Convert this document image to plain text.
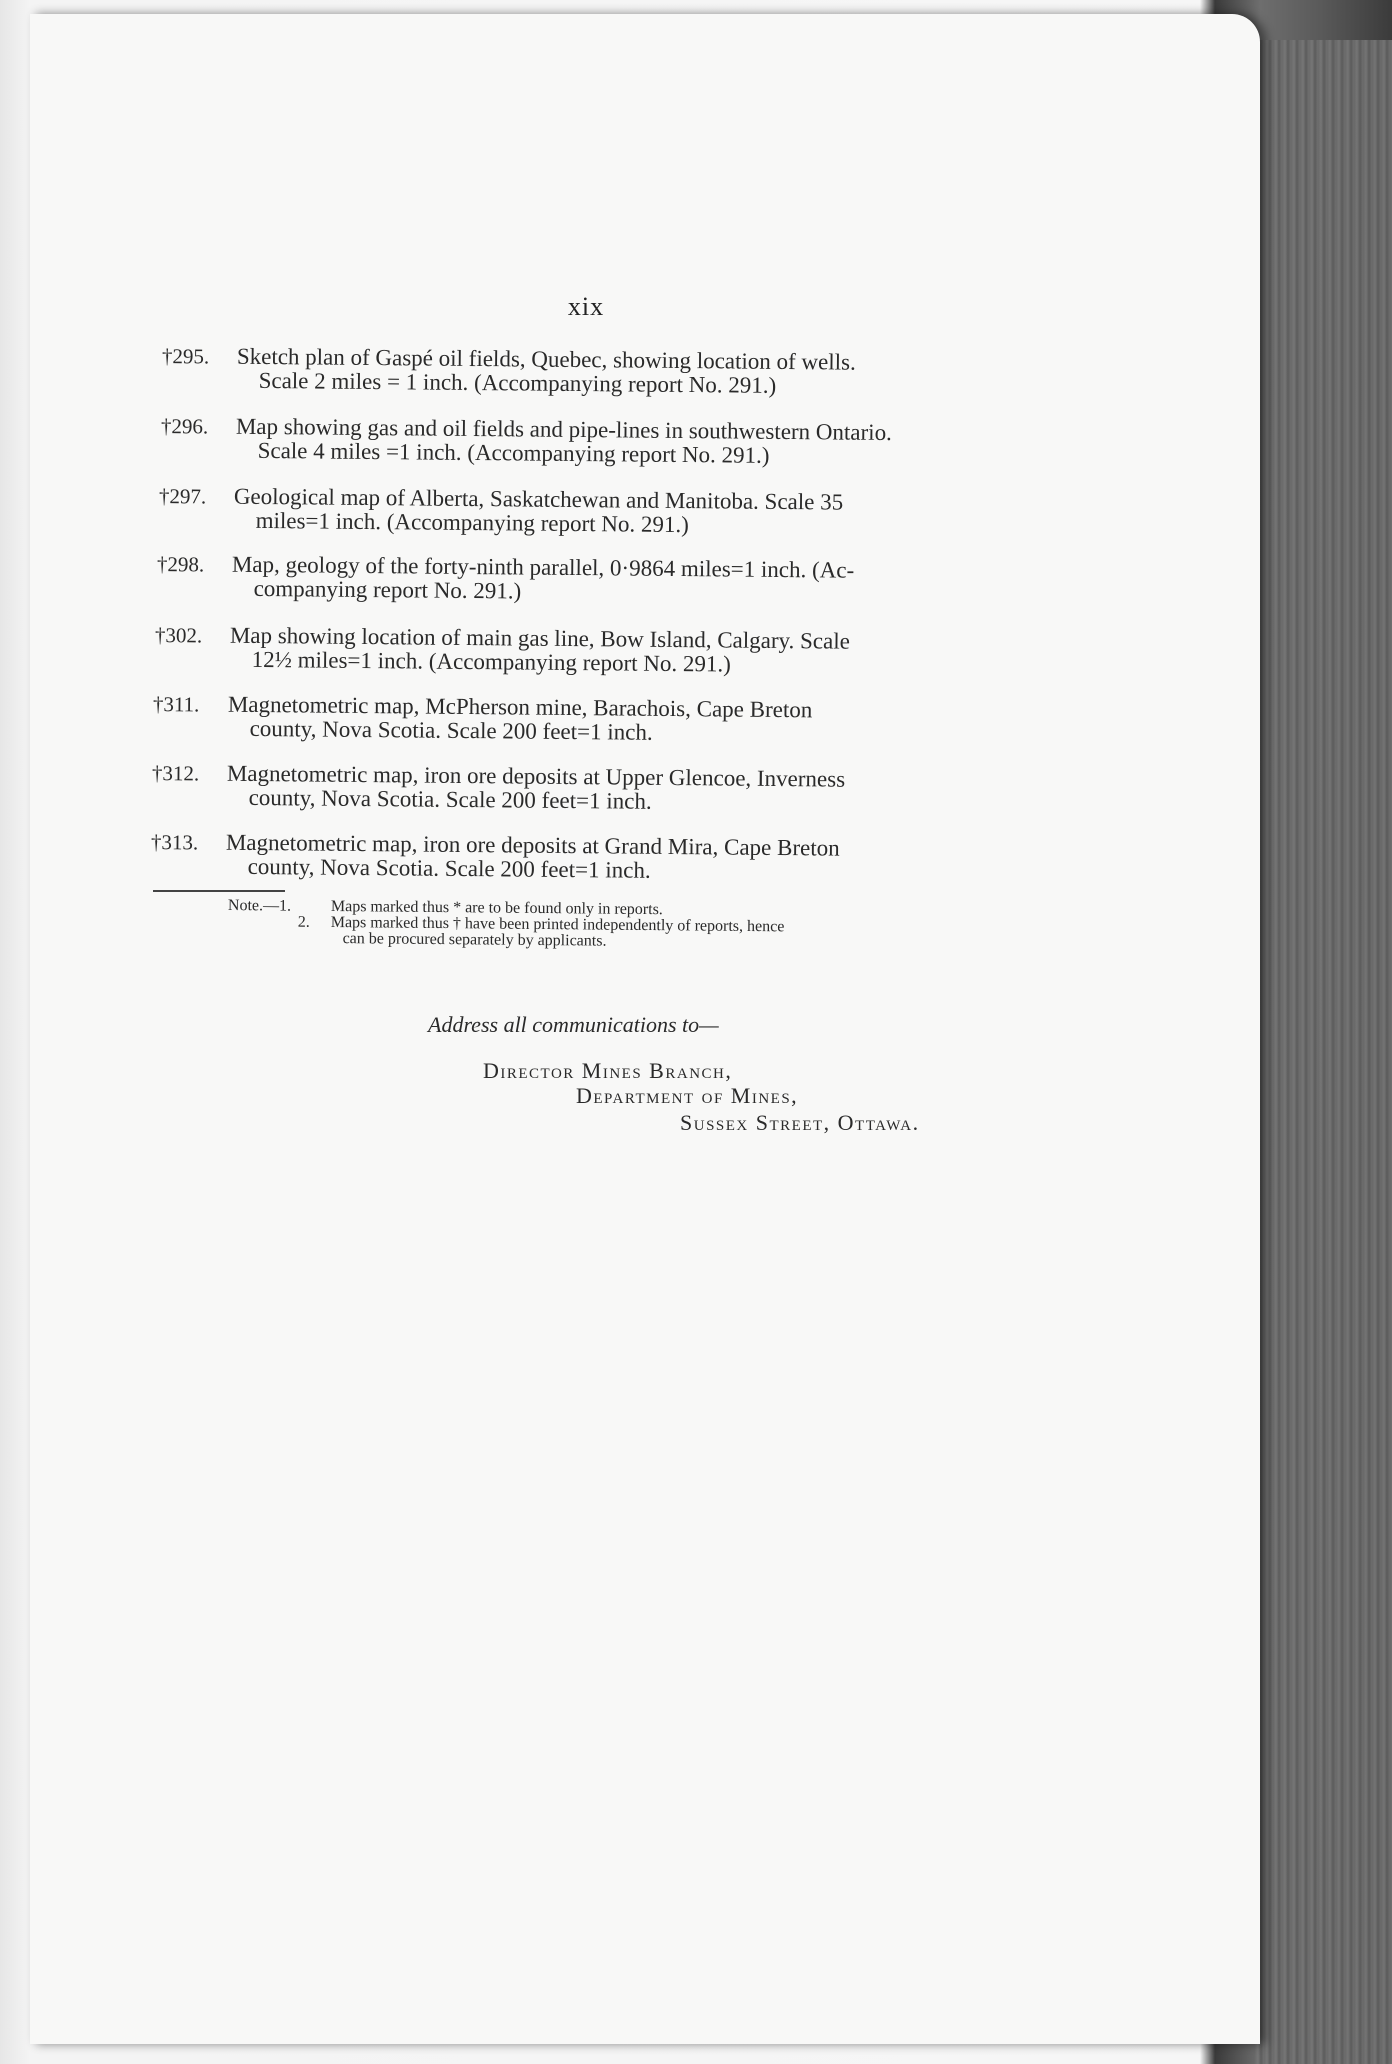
xix
†295.	Sketch plan of Gaspé oil fields, Quebec, showing location of wells.
Scale 2 miles = 1 inch. (Accompanying report No. 291.)
†296.	Map showing gas and oil fields and pipe-lines in southwestern Ontario.
Scale 4 miles =1 inch. (Accompanying report No. 291.)
†297.	Geological map of Alberta, Saskatchewan and Manitoba. Scale 35
miles=1 inch. (Accompanying report No. 291.)
†298.	Map, geology of the forty-ninth parallel, 0·9864 miles=1 inch. (Ac-
companying report No. 291.)
†302.	Map showing location of main gas line, Bow Island, Calgary. Scale
12½ miles=1 inch. (Accompanying report No. 291.)
†311.	Magnetometric map, McPherson mine, Barachois, Cape Breton
county, Nova Scotia. Scale 200 feet=1 inch.
†312.	Magnetometric map, iron ore deposits at Upper Glencoe, Inverness
county, Nova Scotia. Scale 200 feet=1 inch.
†313.	Magnetometric map, iron ore deposits at Grand Mira, Cape Breton
county, Nova Scotia. Scale 200 feet=1 inch.
Note.—1. Maps marked thus * are to be found only in reports.
2. Maps marked thus † have been printed independently of reports, hence
can be procured separately by applicants.
Address all communications to—
Director Mines Branch,
Department of Mines,
Sussex Street, Ottawa.
